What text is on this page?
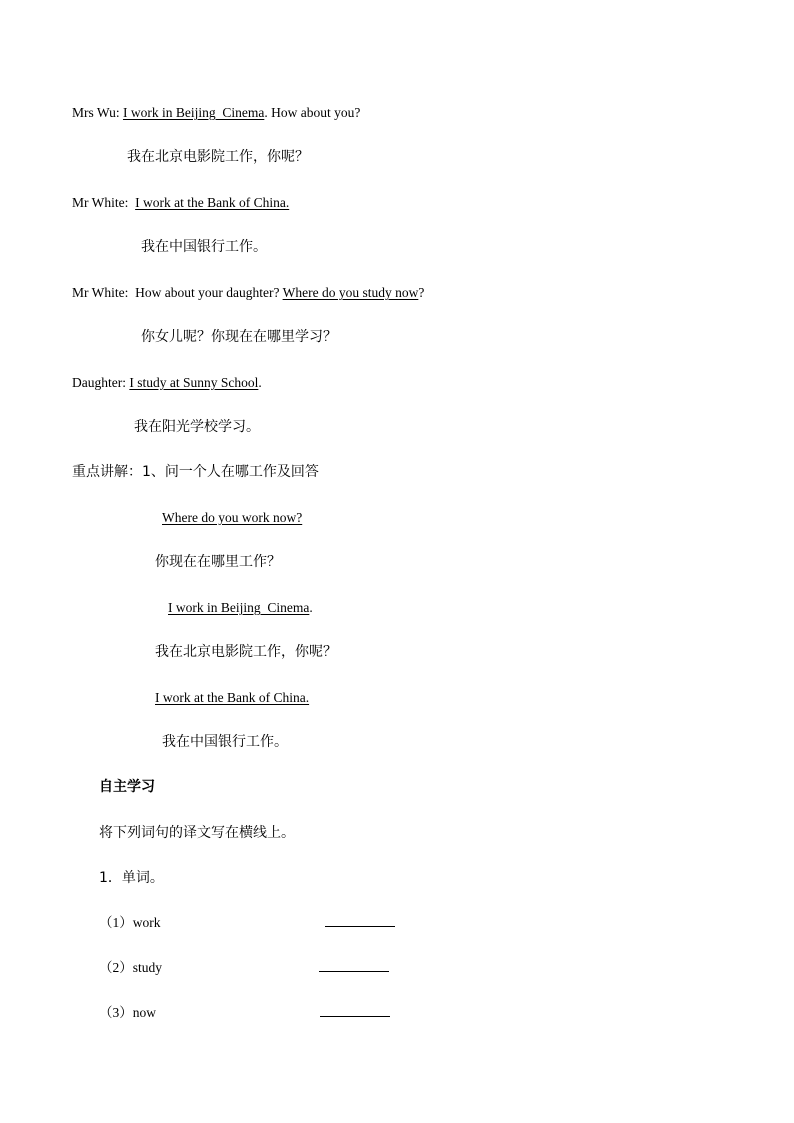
Mrs Wu: I work in Beijing  Cinema. How about you?
我在北京电影院工作，你呢？
Mr White:  I work at the Bank of China.
我在中国银行工作。
Mr White:  How about your daughter? Where do you study now?
你女儿呢？你现在在哪里学习？
Daughter: I study at Sunny School.
我在阳光学校学习。
重点讲解：1、问一个人在哪工作及回答
Where do you work now?
你现在在哪里工作？
I work in Beijing  Cinema.
我在北京电影院工作，你呢？
I work at the Bank of China.
我在中国银行工作。
自主学习
将下列词句的译文写在横线上。
1．单词。
（1）work
（2）study
（3）now
